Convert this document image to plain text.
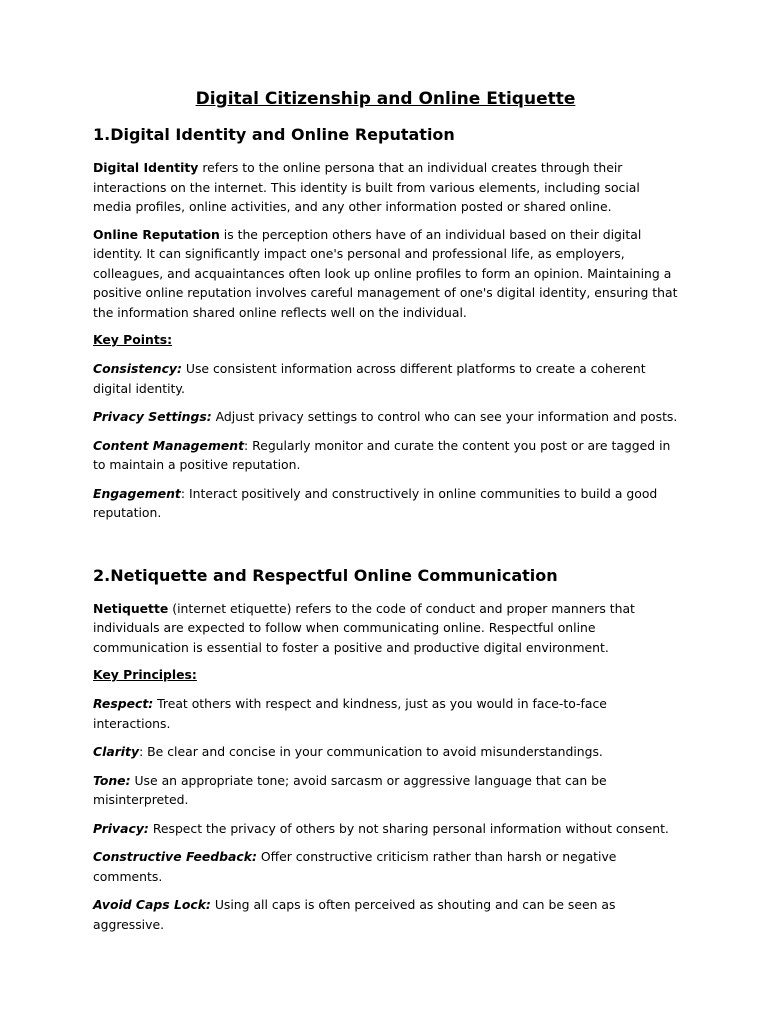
Digital Citizenship and Online Etiquette
1.Digital Identity and Online Reputation

Digital Identity refers to the online persona that an individual creates through their interactions on the internet. This identity is built from various elements, including social media profiles, online activities, and any other information posted or shared online.

Online Reputation is the perception others have of an individual based on their digital identity. It can significantly impact one's personal and professional life, as employers, colleagues, and acquaintances often look up online profiles to form an opinion. Maintaining a positive online reputation involves careful management of one's digital identity, ensuring that the information shared online reflects well on the individual.

Key Points:

Consistency: Use consistent information across different platforms to create a coherent digital identity.

Privacy Settings: Adjust privacy settings to control who can see your information and posts.

Content Management: Regularly monitor and curate the content you post or are tagged in to maintain a positive reputation.

Engagement: Interact positively and constructively in online communities to build a good reputation.

2.Netiquette and Respectful Online Communication

Netiquette (internet etiquette) refers to the code of conduct and proper manners that individuals are expected to follow when communicating online. Respectful online communication is essential to foster a positive and productive digital environment.

Key Principles:

Respect: Treat others with respect and kindness, just as you would in face-to-face interactions.

Clarity: Be clear and concise in your communication to avoid misunderstandings.

Tone: Use an appropriate tone; avoid sarcasm or aggressive language that can be misinterpreted.

Privacy: Respect the privacy of others by not sharing personal information without consent.

Constructive Feedback: Offer constructive criticism rather than harsh or negative comments.

Avoid Caps Lock: Using all caps is often perceived as shouting and can be seen as aggressive.
